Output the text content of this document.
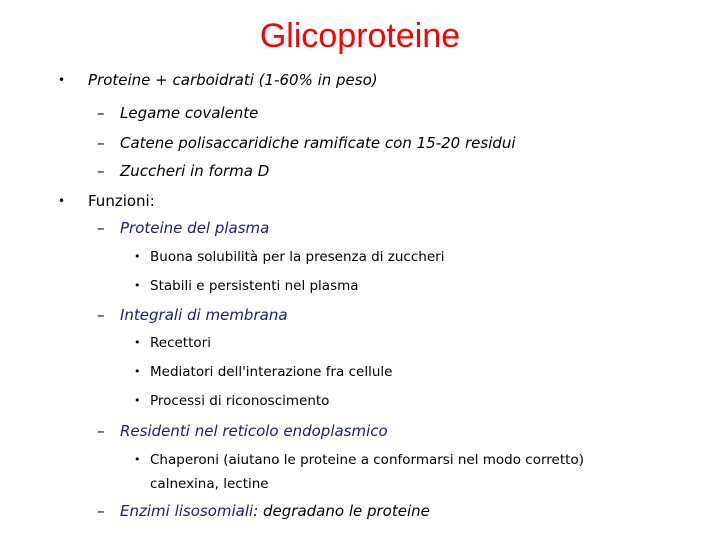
Glicoproteine
• Proteine + carboidrati (1-60% in peso)
– Legame covalente
– Catene polisaccaridiche ramificate con 15-20 residui
– Zuccheri in forma D
• Funzioni:
– Proteine del plasma
• Buona solubilità per la presenza di zuccheri
• Stabili e persistenti nel plasma
– Integrali di membrana
• Recettori
• Mediatori dell'interazione fra cellule
• Processi di riconoscimento
– Residenti nel reticolo endoplasmico
• Chaperoni (aiutano le proteine a conformarsi nel modo corretto)
calnexina, lectine
– Enzimi lisosomiali: degradano le proteine
